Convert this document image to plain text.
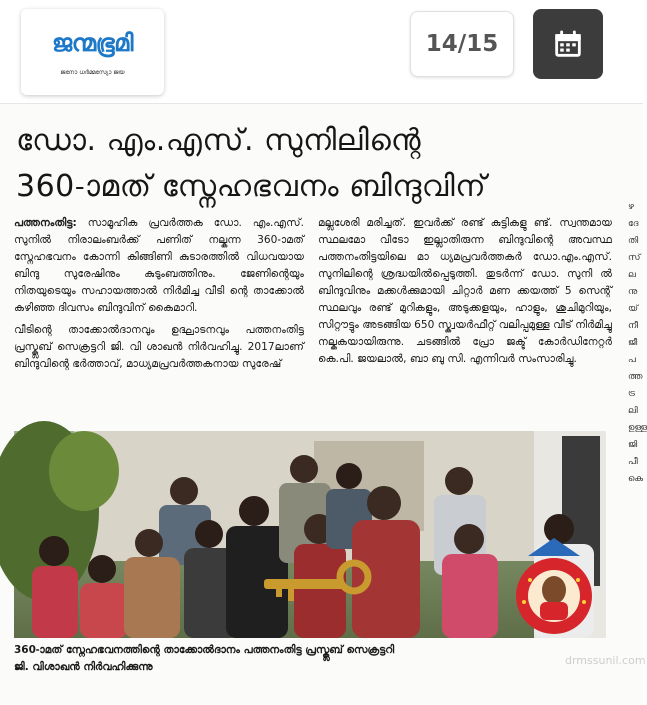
ജന്മഭൂമി
ജനോ ധർമ്മസ്യോ ജയ
14/15
ഡോ. എം.എസ്. സുനിലിന്റെ
360-ാമത് സ്നേഹഭവനം ബിന്ദുവിന്

പത്തനംതിട്ട: സാമൂഹിക പ്രവർത്തക ഡോ. എം.എസ്. സുനിൽ നിരാലംബർക്ക് പണിത് നല്കുന്ന 360-ാമത് സ്നേഹഭവനം കോന്നി കിങ്ങിണി കുടാരത്തിൽ വിധവയായ ബിന്ദു സുരേഷിനും കുടുംബത്തിനും. ജേണിന്റെയും നിതയുടെയും സഹായത്താൽ നിർമിച്ച വീടി ന്റെ താക്കോൽ കഴിഞ്ഞ ദിവസം ബിന്ദുവിന് കൈമാറി.

വീടിന്റെ താക്കോൽദാനവും ഉദ്ഘാടനവും പത്തനംതിട്ട പ്രസ്ക്ലബ് സെക്രട്ടറി ജി. വി ശാഖൻ നിർവഹിച്ചു. 2017ലാണ് ബിന്ദുവിന്റെ ഭർത്താവ്, മാധ്യമപ്രവർത്തകനായ സുരേഷ്

മല്ലശേരി മരിച്ചത്. ഇവർക്ക് രണ്ട് കുട്ടികളു ണ്ട്. സ്വന്തമായ സ്ഥലമോ വീടോ ഇല്ലാതിരുന്ന ബിന്ദുവിന്റെ അവസ്ഥ പത്തനംതിട്ടയിലെ മാ ധ്യമപ്രവർത്തകർ ഡോ.എം.എസ്. സുനിലിന്റെ ശ്രദ്ധയിൽപ്പെടുത്തി. തുടർന്ന് ഡോ. സുനി ൽ ബിന്ദുവിനും മക്കൾക്കുമായി ചിറ്റാർ മണ ക്കയത്ത് 5 സെന്റ് സ്ഥലവും രണ്ട് മുറികളും, അടുക്കളയും, ഹാളും, ശുചിമുറിയും, സിറ്റൗട്ടും അടങ്ങിയ 650 സ്ക്വയർഫീറ്റ് വലിപ്പമുള്ള വീട് നിർമിച്ചു നല്കുകയായിരുന്നു. ചടങ്ങിൽ പ്രോ ജക്ട് കോർഡിനേറ്റർ കെ.പി. ജയലാൽ, ബാ ബു സി. എന്നിവർ സംസാരിച്ചു.

ഴ
ദേ
തി
സ്
ല
നു
യ്‌
നീ
ജീ
പ
ത്ത
ട്ര
ലി
ഉള്ള
ജി
പീ
കെ
360-ാമത് സ്നേഹഭവനത്തിന്റെ താക്കോൽദാനം പത്തനംതിട്ട പ്രസ്ക്ലബ് സെക്രട്ടറി
ജി. വിശാഖൻ നിർവഹിക്കുന്നു	drmssunil.com
